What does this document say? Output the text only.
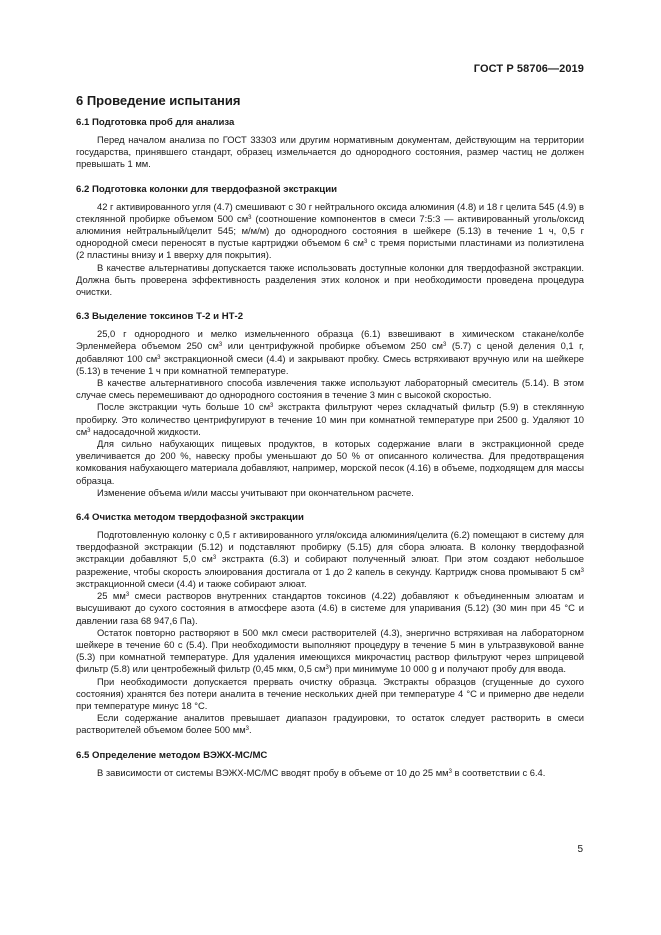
ГОСТ Р 58706—2019
6 Проведение испытания
6.1 Подготовка проб для анализа

Перед началом анализа по ГОСТ 33303 или другим нормативным документам, действующим на территории государства, принявшего стандарт, образец измельчается до однородного состояния, размер частиц не должен превышать 1 мм.

6.2 Подготовка колонки для твердофазной экстракции

42 г активированного угля (4.7) смешивают с 30 г нейтрального оксида алюминия (4.8) и 18 г целита 545 (4.9) в стеклянной пробирке объемом 500 $см^3$ (соотношение компонентов в смеси 7:5:3 — активированный уголь/оксид алюминия нейтральный/целит 545; м/м/м) до однородного состояния в шейкере (5.13) в течение 1 ч, 0,5 г однородной смеси переносят в пустые картриджи объемом 6 $см^3$ с тремя пористыми пластинами из полиэтилена (2 пластины внизу и 1 вверху для покрытия).

В качестве альтернативы допускается также использовать доступные колонки для твердофазной экстракции. Должна быть проверена эффективность разделения этих колонок и при необходимости проведена процедура очистки.

6.3 Выделение токсинов Т-2 и НТ-2

25,0 г однородного и мелко измельченного образца (6.1) взвешивают в химическом стакане/колбе Эрленмейера объемом 250 $см^3$ или центрифужной пробирке объемом 250 $см^3$ (5.7) с ценой деления 0,1 г, добавляют 100 $см^3$ экстракционной смеси (4.4) и закрывают пробку. Смесь встряхивают вручную или на шейкере (5.13) в течение 1 ч при комнатной температуре.

В качестве альтернативного способа извлечения также используют лабораторный смеситель (5.14). В этом случае смесь перемешивают до однородного состояния в течение 3 мин с высокой скоростью.

После экстракции чуть больше 10 $см^3$ экстракта фильтруют через складчатый фильтр (5.9) в стеклянную пробирку. Это количество центрифугируют в течение 10 мин при комнатной температуре при 2500 g. Удаляют 10 $см^3$ надосадочной жидкости.

Для сильно набухающих пищевых продуктов, в которых содержание влаги в экстракционной среде увеличивается до 200 %, навеску пробы уменьшают до 50 % от описанного количества. Для предотвращения комкования набухающего материала добавляют, например, морской песок (4.16) в объеме, подходящем для массы образца.

Изменение объема и/или массы учитывают при окончательном расчете.

6.4 Очистка методом твердофазной экстракции

Подготовленную колонку с 0,5 г активированного угля/оксида алюминия/целита (6.2) помещают в систему для твердофазной экстракции (5.12) и подставляют пробирку (5.15) для сбора элюата. В колонку твердофазной экстракции добавляют 5,0 $см^3$ экстракта (6.3) и собирают полученный элюат. При этом создают небольшое разрежение, чтобы скорость элюирования достигала от 1 до 2 капель в секунду. Картридж снова промывают 5 $см^3$ экстракционной смеси (4.4) и также собирают элюат.

25 $мм^3$ смеси растворов внутренних стандартов токсинов (4.22) добавляют к объединенным элюатам и высушивают до сухого состояния в атмосфере азота (4.6) в системе для упаривания (5.12) (30 мин при 45 °C и давлении газа 68 947,6 Па).

Остаток повторно растворяют в 500 мкл смеси растворителей (4.3), энергично встряхивая на лабораторном шейкере в течение 60 с (5.4). При необходимости выполняют процедуру в течение 5 мин в ультразвуковой ванне (5.3) при комнатной температуре. Для удаления имеющихся микрочастиц раствор фильтруют через шприцевой фильтр (5.8) или центробежный фильтр (0,45 мкм, 0,5 $см^3$) при минимуме 10 000 g и получают пробу для ввода.

При необходимости допускается прервать очистку образца. Экстракты образцов (сгущенные до сухого состояния) хранятся без потери аналита в течение нескольких дней при температуре 4 °C и примерно две недели при температуре минус 18 °C.

Если содержание аналитов превышает диапазон градуировки, то остаток следует растворить в смеси растворителей объемом более 500 $мм^3$.

6.5 Определение методом ВЭЖХ-МС/МС

В зависимости от системы ВЭЖХ-МС/МС вводят пробу в объеме от 10 до 25 $мм^3$ в соответствии с 6.4.

5
